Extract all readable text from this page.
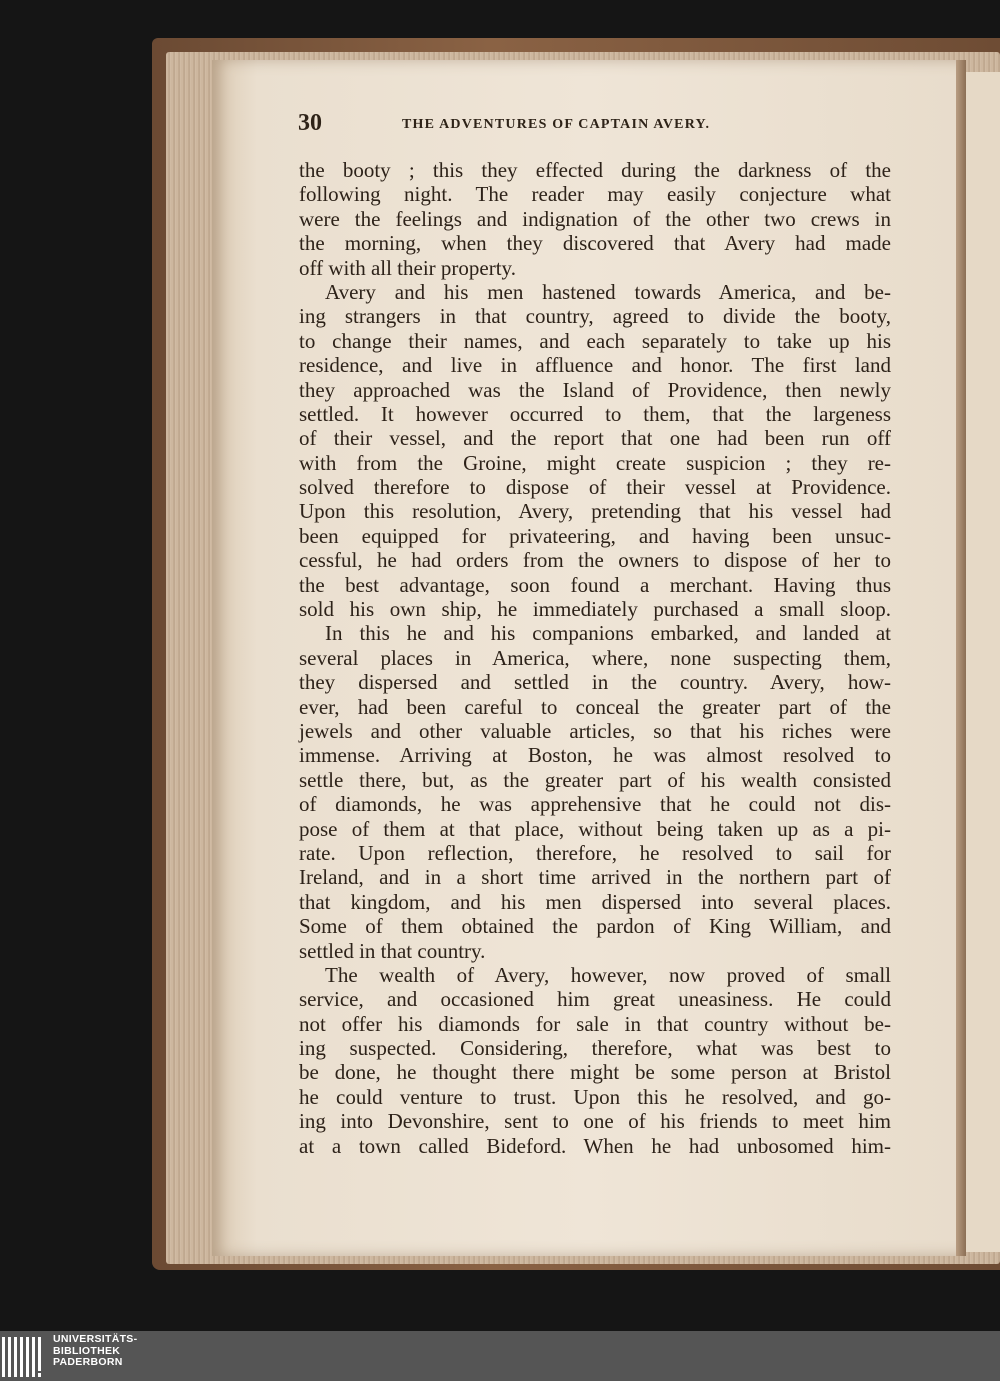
30	THE ADVENTURES OF CAPTAIN AVERY.
the booty ; this they effected during the darkness of the
following night. The reader may easily conjecture what
were the feelings and indignation of the other two crews in
the morning, when they discovered that Avery had made
off with all their property.
Avery and his men hastened towards America, and be-
ing strangers in that country, agreed to divide the booty,
to change their names, and each separately to take up his
residence, and live in affluence and honor. The first land
they approached was the Island of Providence, then newly
settled. It however occurred to them, that the largeness
of their vessel, and the report that one had been run off
with from the Groine, might create suspicion ; they re-
solved therefore to dispose of their vessel at Providence.
Upon this resolution, Avery, pretending that his vessel had
been equipped for privateering, and having been unsuc-
cessful, he had orders from the owners to dispose of her to
the best advantage, soon found a merchant. Having thus
sold his own ship, he immediately purchased a small sloop.
In this he and his companions embarked, and landed at
several places in America, where, none suspecting them,
they dispersed and settled in the country. Avery, how-
ever, had been careful to conceal the greater part of the
jewels and other valuable articles, so that his riches were
immense. Arriving at Boston, he was almost resolved to
settle there, but, as the greater part of his wealth consisted
of diamonds, he was apprehensive that he could not dis-
pose of them at that place, without being taken up as a pi-
rate. Upon reflection, therefore, he resolved to sail for
Ireland, and in a short time arrived in the northern part of
that kingdom, and his men dispersed into several places.
Some of them obtained the pardon of King William, and
settled in that country.
The wealth of Avery, however, now proved of small
service, and occasioned him great uneasiness. He could
not offer his diamonds for sale in that country without be-
ing suspected. Considering, therefore, what was best to
be done, he thought there might be some person at Bristol
he could venture to trust. Upon this he resolved, and go-
ing into Devonshire, sent to one of his friends to meet him
at a town called Bideford. When he had unbosomed him-
UNIVERSITÄTS-
BIBLIOTHEK
PADERBORN
